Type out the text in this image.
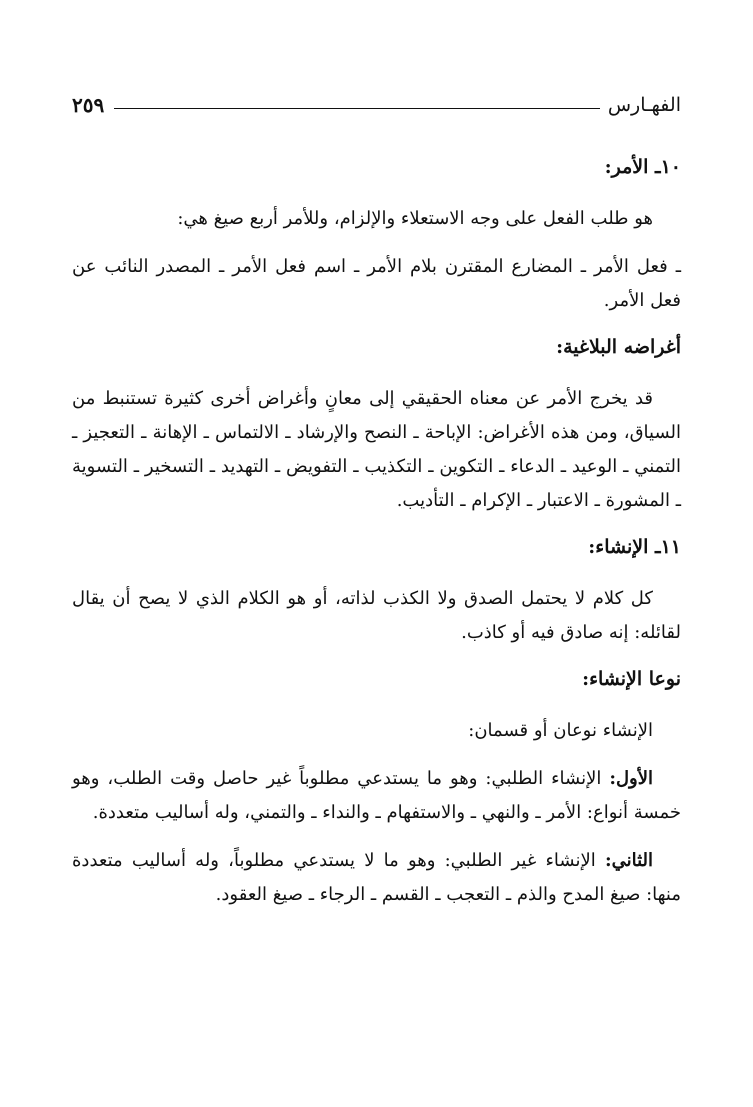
الفهـارس
٢٥٩
١٠ـ الأمر:

هو طلب الفعل على وجه الاستعلاء والإلزام، وللأمر أربع صيغ هي:

ـ فعل الأمر ـ المضارع المقترن بلام الأمر ـ اسم فعل الأمر ـ المصدر النائب عن فعل الأمر.

أغراضه البلاغية:

قد يخرج الأمر عن معناه الحقيقي إلى معانٍ وأغراض أخرى كثيرة تستنبط من السياق، ومن هذه الأغراض: الإباحة ـ النصح والإرشاد ـ الالتماس ـ الإهانة ـ التعجيز ـ التمني ـ الوعيد ـ الدعاء ـ التكوين ـ التكذيب ـ التفويض ـ التهديد ـ التسخير ـ التسوية ـ المشورة ـ الاعتبار ـ الإكرام ـ التأديب.

١١ـ الإنشاء:

كل كلام لا يحتمل الصدق ولا الكذب لذاته، أو هو الكلام الذي لا يصح أن يقال لقائله: إنه صادق فيه أو كاذب.

نوعا الإنشاء:

الإنشاء نوعان أو قسمان:

الأول: الإنشاء الطلبي: وهو ما يستدعي مطلوباً غير حاصل وقت الطلب، وهو خمسة أنواع: الأمر ـ والنهي ـ والاستفهام ـ والنداء ـ والتمني، وله أساليب متعددة.

الثاني: الإنشاء غير الطلبي: وهو ما لا يستدعي مطلوباً، وله أساليب متعددة منها: صيغ المدح والذم ـ التعجب ـ القسم ـ الرجاء ـ صيغ العقود.
